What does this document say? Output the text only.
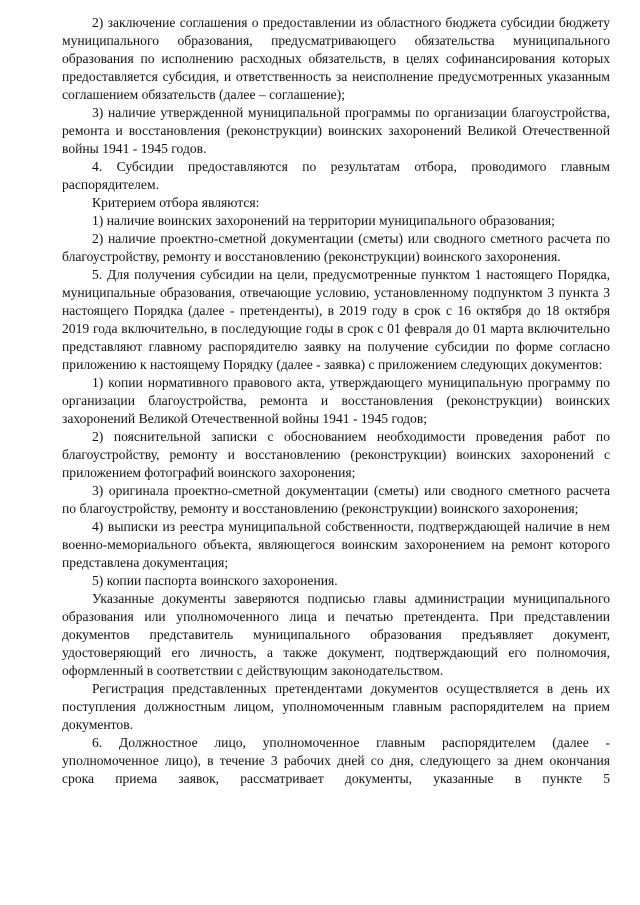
2) заключение соглашения о предоставлении из областного бюджета субсидии бюджету муниципального образования, предусматривающего обязательства муниципального образования по исполнению расходных обязательств, в целях софинансирования которых предоставляется субсидия, и ответственность за неисполнение предусмотренных указанным соглашением обязательств (далее – соглашение);

3) наличие утвержденной муниципальной программы по организации благоустройства, ремонта и восстановления (реконструкции) воинских захоронений Великой Отечественной войны 1941 - 1945 годов.

4. Субсидии предоставляются по результатам отбора, проводимого главным распорядителем.

Критерием отбора являются:

1) наличие воинских захоронений на территории муниципального образования;

2) наличие проектно-сметной документации (сметы) или сводного сметного расчета по благоустройству, ремонту и восстановлению (реконструкции) воинского захоронения.

5. Для получения субсидии на цели, предусмотренные пунктом 1 настоящего Порядка, муниципальные образования, отвечающие условию, установленному подпунктом 3 пункта 3 настоящего Порядка (далее - претенденты), в 2019 году в срок с 16 октября до 18 октября 2019 года включительно, в последующие годы в срок с 01 февраля до 01 марта включительно представляют главному распорядителю заявку на получение субсидии по форме согласно приложению к настоящему Порядку (далее - заявка) с приложением следующих документов:

1) копии нормативного правового акта, утверждающего муниципальную программу по организации благоустройства, ремонта и восстановления (реконструкции) воинских захоронений Великой Отечественной войны 1941 - 1945 годов;

2) пояснительной записки с обоснованием необходимости проведения работ по благоустройству, ремонту и восстановлению (реконструкции) воинских захоронений с приложением фотографий воинского захоронения;

3) оригинала проектно-сметной документации (сметы) или сводного сметного расчета по благоустройству, ремонту и восстановлению (реконструкции) воинского захоронения;

4) выписки из реестра муниципальной собственности, подтверждающей наличие в нем военно-мемориального объекта, являющегося воинским захоронением на ремонт которого представлена документация;

5) копии паспорта воинского захоронения.

Указанные документы заверяются подписью главы администрации муниципального образования или уполномоченного лица и печатью претендента. При представлении документов представитель муниципального образования предъявляет документ, удостоверяющий его личность, а также документ, подтверждающий его полномочия, оформленный в соответствии с действующим законодательством.

Регистрация представленных претендентами документов осуществляется в день их поступления должностным лицом, уполномоченным главным распорядителем на прием документов.

6. Должностное лицо, уполномоченное главным распорядителем (далее - уполномоченное лицо), в течение 3 рабочих дней со дня, следующего за днем окончания срока приема заявок, рассматривает документы, указанные в пункте 5
